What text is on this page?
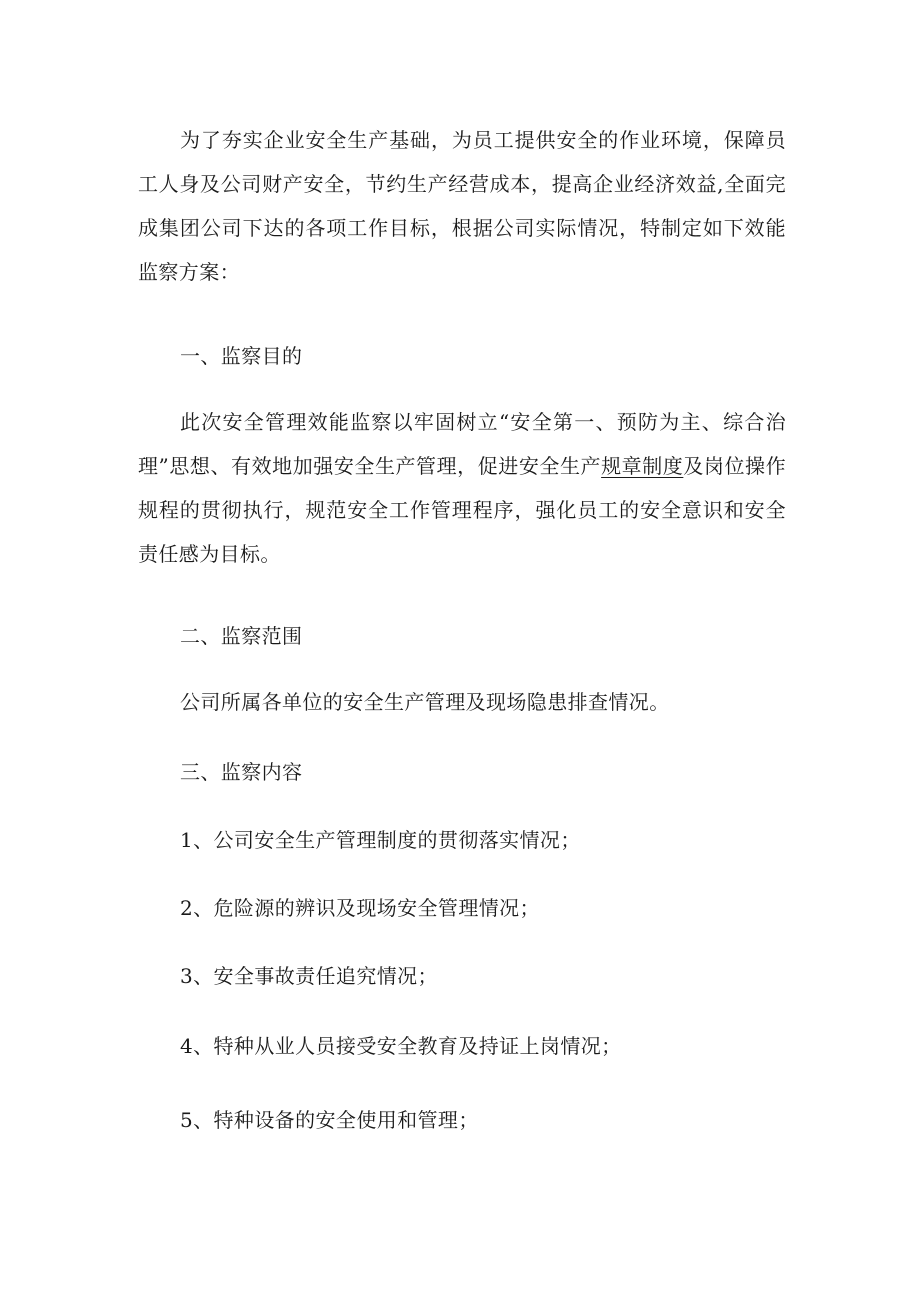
为了夯实企业安全生产基础，为员工提供安全的作业环境，保障员工人身及公司财产安全，节约生产经营成本，提高企业经济效益,全面完成集团公司下达的各项工作目标，根据公司实际情况，特制定如下效能监察方案：

一、监察目的

此次安全管理效能监察以牢固树立“安全第一、预防为主、综合治理”思想、有效地加强安全生产管理，促进安全生产规章制度及岗位操作规程的贯彻执行，规范安全工作管理程序，强化员工的安全意识和安全责任感为目标。

二、监察范围

公司所属各单位的安全生产管理及现场隐患排查情况。

三、监察内容

1、公司安全生产管理制度的贯彻落实情况；

2、危险源的辨识及现场安全管理情况；

3、安全事故责任追究情况；

4、特种从业人员接受安全教育及持证上岗情况；

5、特种设备的安全使用和管理；
